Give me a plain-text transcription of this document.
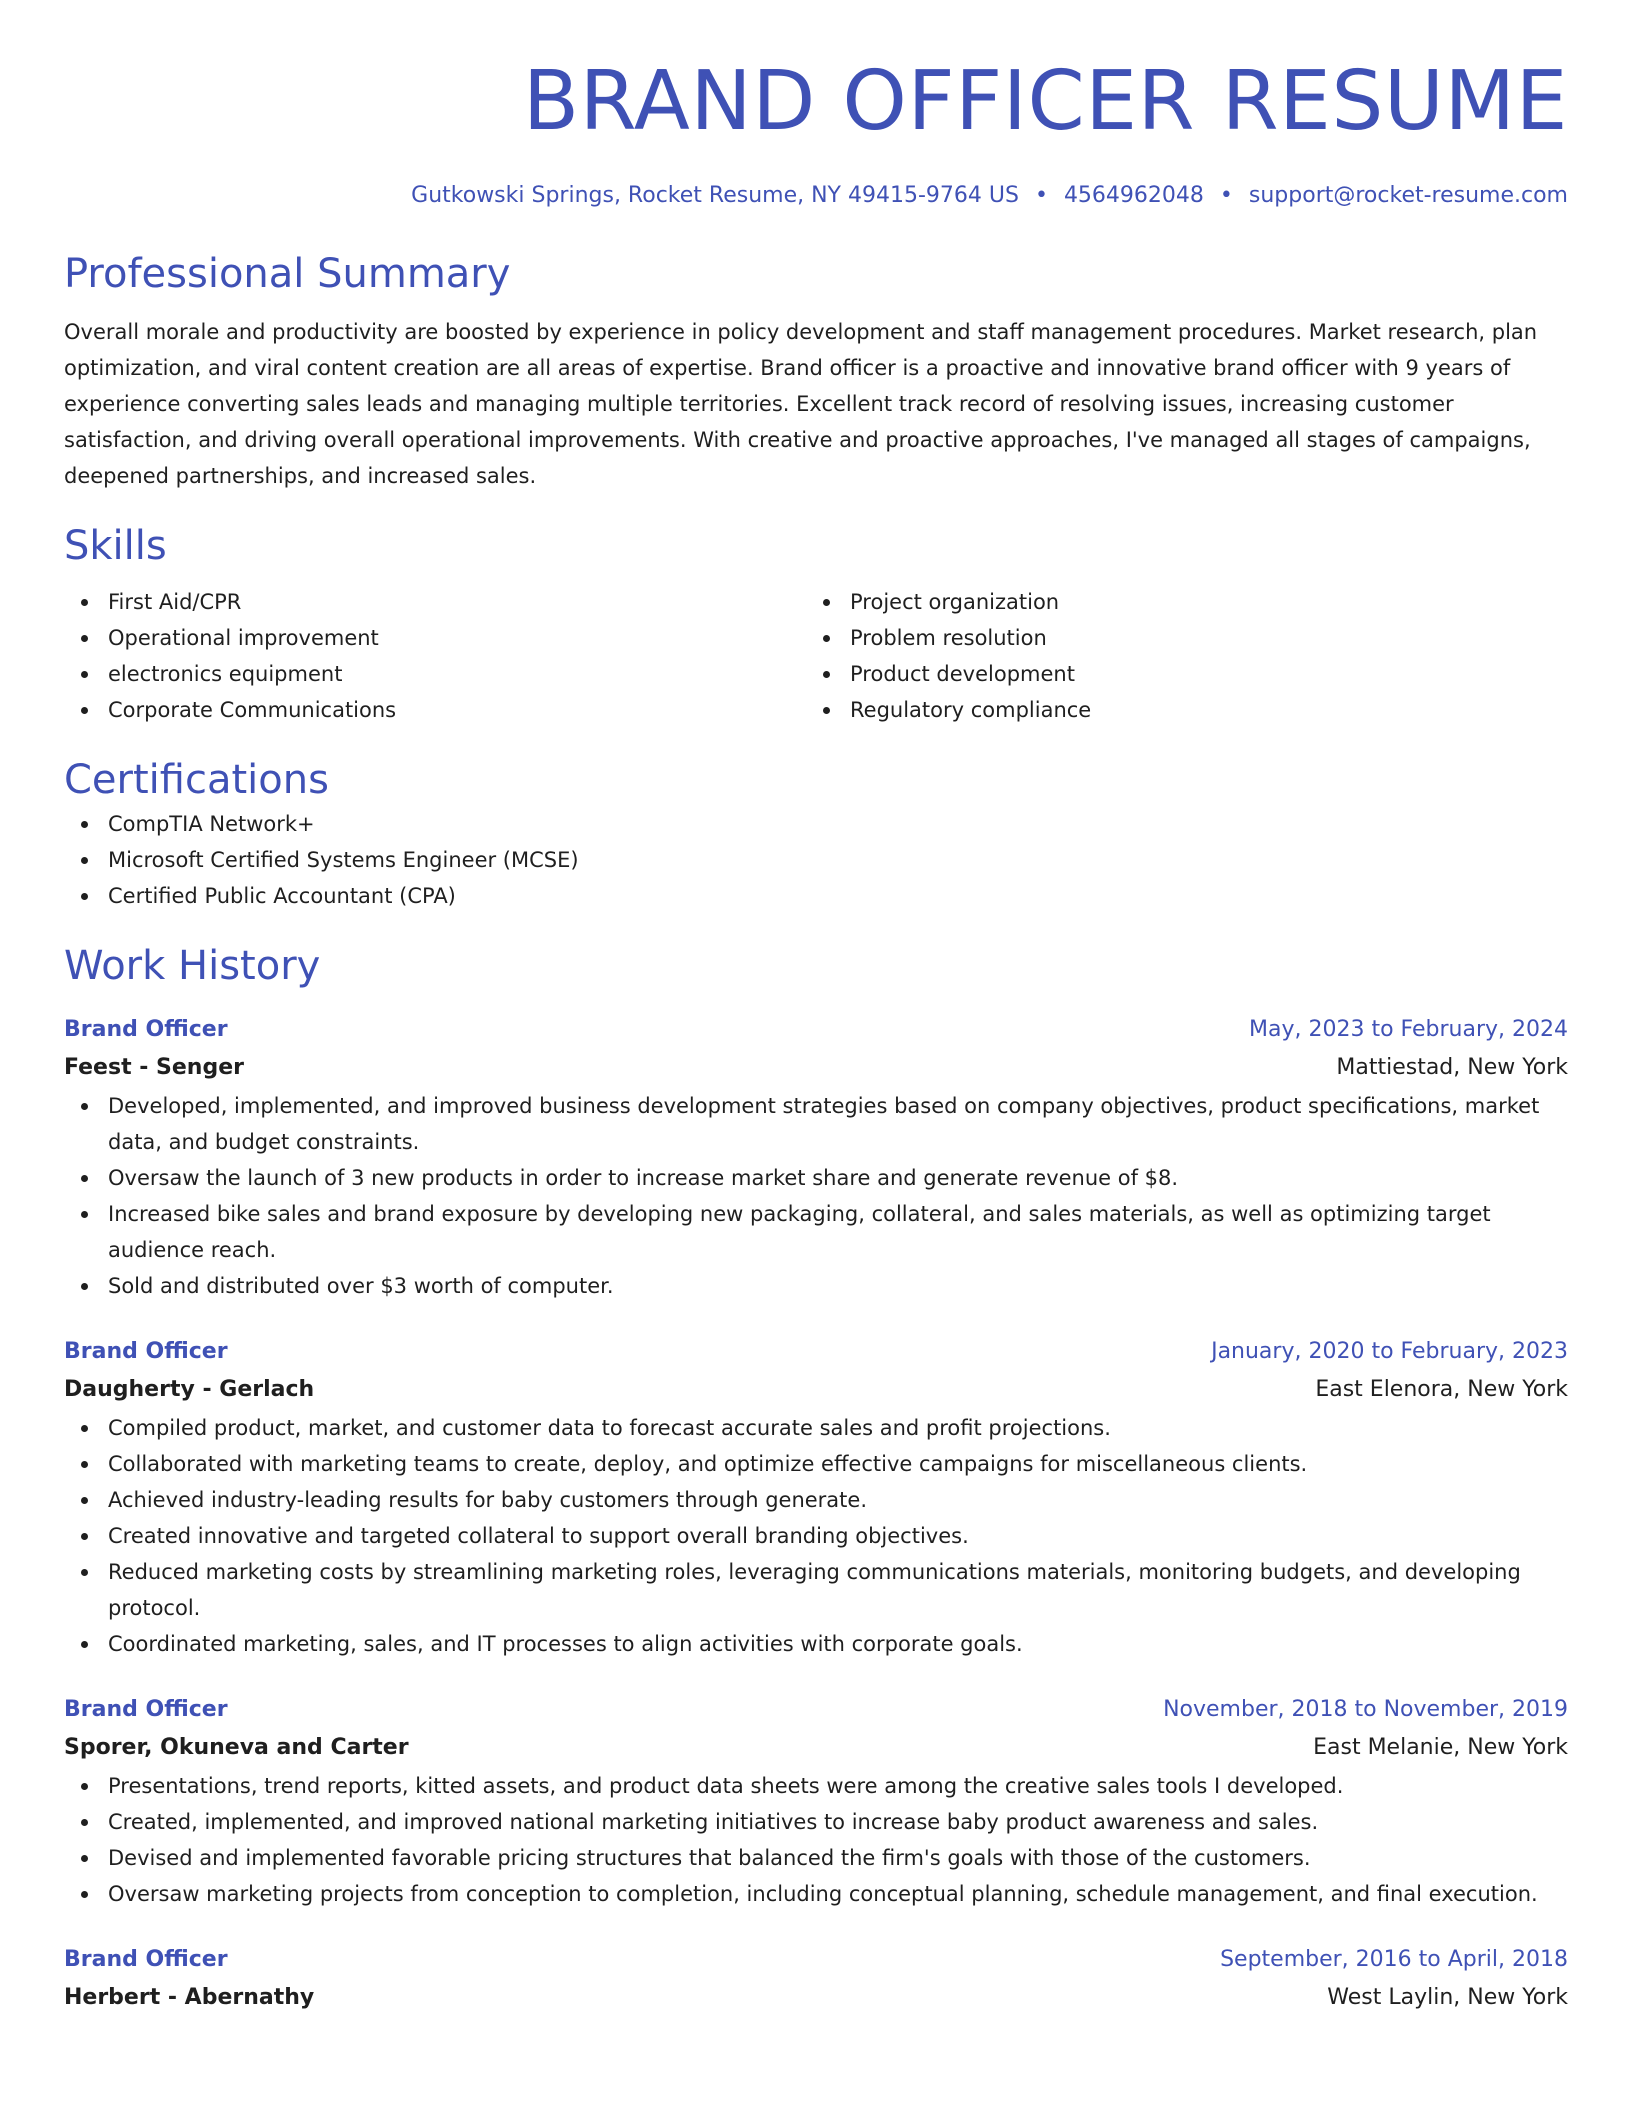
BRAND OFFICER RESUME
Gutkowski Springs, Rocket Resume, NY 49415-9764 US • 4564962048 • support@rocket-resume.com
Professional Summary

Overall morale and productivity are boosted by experience in policy development and staff management procedures. Market research, plan optimization, and viral content creation are all areas of expertise. Brand officer is a proactive and innovative brand officer with 9 years of experience converting sales leads and managing multiple territories. Excellent track record of resolving issues, increasing customer satisfaction, and driving overall operational improvements. With creative and proactive approaches, I've managed all stages of campaigns, deepened partnerships, and increased sales.

Skills
First Aid/CPR
Operational improvement
electronics equipment
Corporate Communications
Project organization
Problem resolution
Product development
Regulatory compliance
Certifications
CompTIA Network+
Microsoft Certified Systems Engineer (MCSE)
Certified Public Accountant (CPA)
Work History
Brand Officer	May, 2023 to February, 2024
Feest - Senger	Mattiestad, New York
Developed, implemented, and improved business development strategies based on company objectives, product specifications, market data, and budget constraints.
Oversaw the launch of 3 new products in order to increase market share and generate revenue of $8.
Increased bike sales and brand exposure by developing new packaging, collateral, and sales materials, as well as optimizing target audience reach.
Sold and distributed over $3 worth of computer.
Brand Officer	January, 2020 to February, 2023
Daugherty - Gerlach	East Elenora, New York
Compiled product, market, and customer data to forecast accurate sales and profit projections.
Collaborated with marketing teams to create, deploy, and optimize effective campaigns for miscellaneous clients.
Achieved industry-leading results for baby customers through generate.
Created innovative and targeted collateral to support overall branding objectives.
Reduced marketing costs by streamlining marketing roles, leveraging communications materials, monitoring budgets, and developing protocol.
Coordinated marketing, sales, and IT processes to align activities with corporate goals.
Brand Officer	November, 2018 to November, 2019
Sporer, Okuneva and Carter	East Melanie, New York
Presentations, trend reports, kitted assets, and product data sheets were among the creative sales tools I developed.
Created, implemented, and improved national marketing initiatives to increase baby product awareness and sales.
Devised and implemented favorable pricing structures that balanced the firm's goals with those of the customers.
Oversaw marketing projects from conception to completion, including conceptual planning, schedule management, and final execution.
Brand Officer	September, 2016 to April, 2018
Herbert - Abernathy	West Laylin, New York
